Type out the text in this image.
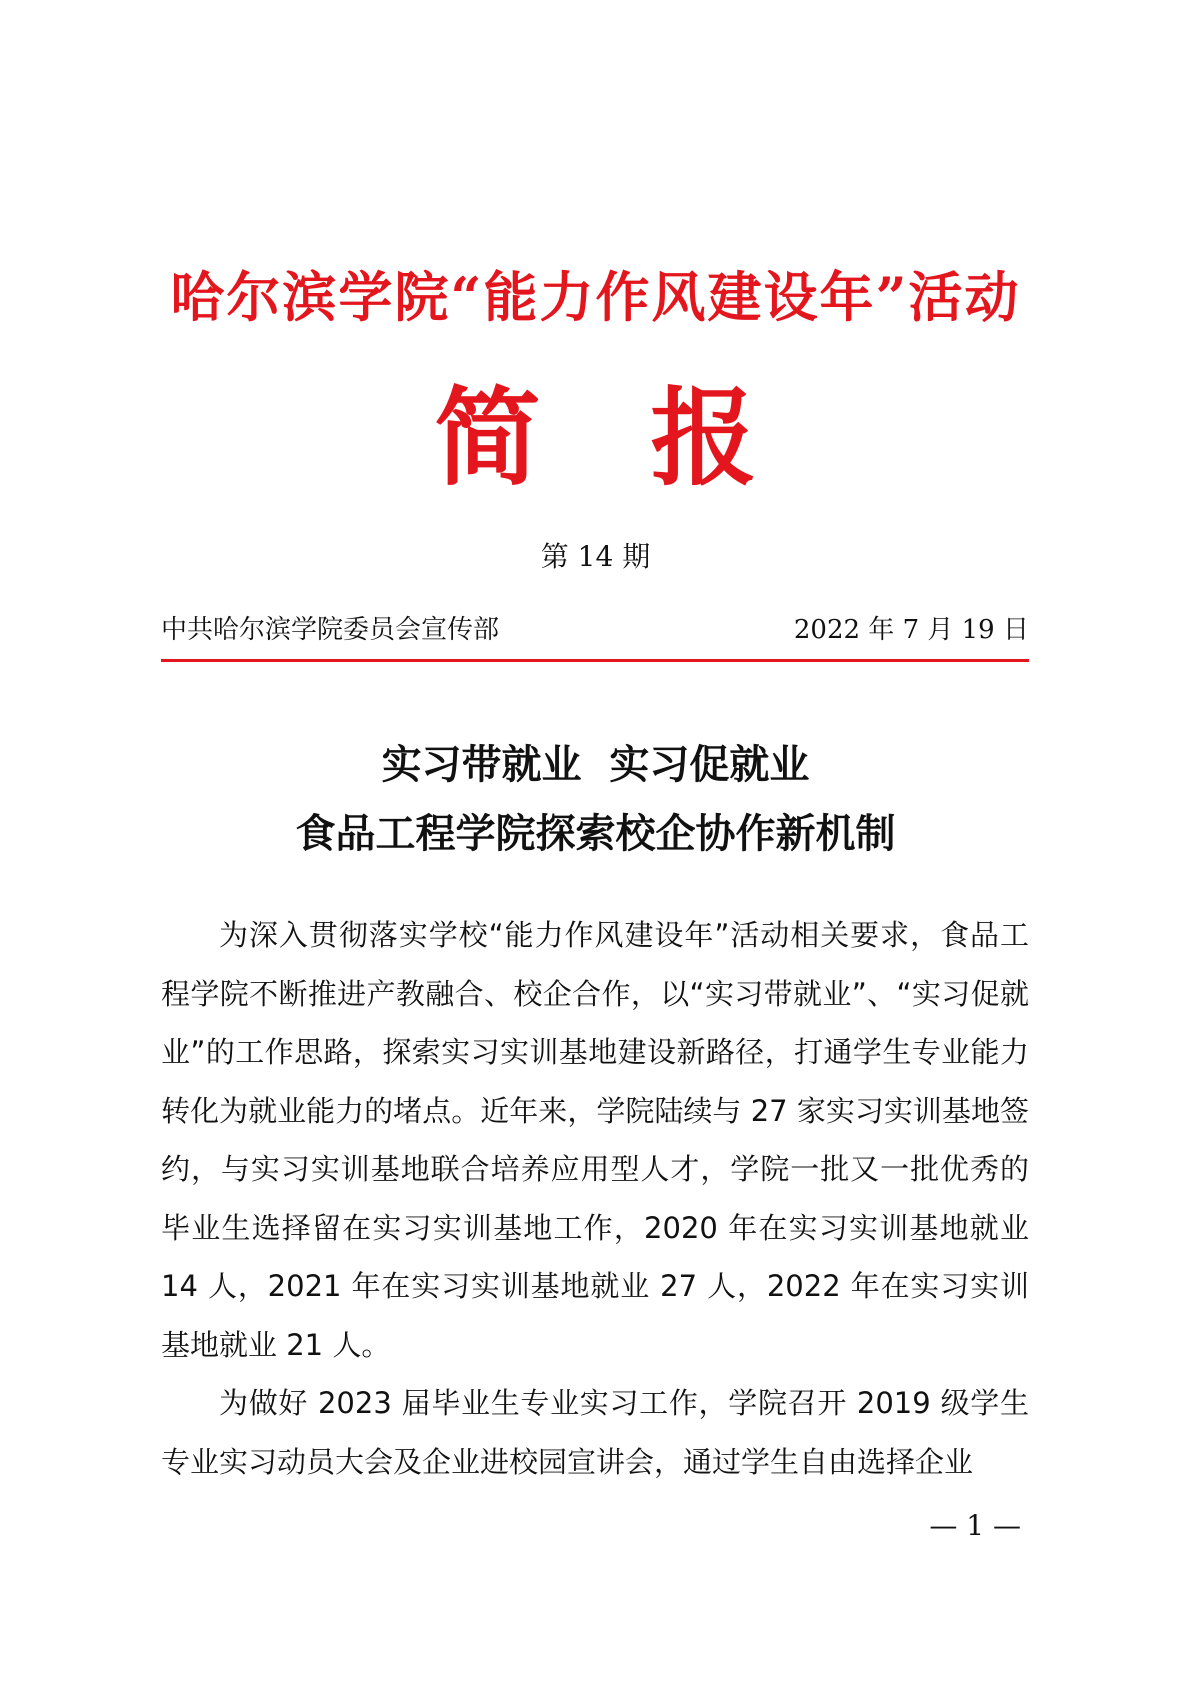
哈尔滨学院“能力作风建设年”活动
简报
第 14 期
中共哈尔滨学院委员会宣传部	2022 年 7 月 19 日
实习带就业  实习促就业
食品工程学院探索校企协作新机制

为深入贯彻落实学校“能力作风建设年”活动相关要求，食品工程学院不断推进产教融合、校企合作，以“实习带就业”、“实习促就业”的工作思路，探索实习实训基地建设新路径，打通学生专业能力转化为就业能力的堵点。近年来，学院陆续与 27 家实习实训基地签约，与实习实训基地联合培养应用型人才，学院一批又一批优秀的毕业生选择留在实习实训基地工作，2020 年在实习实训基地就业 14 人，2021 年在实习实训基地就业 27 人，2022 年在实习实训基地就业 21 人。

为做好 2023 届毕业生专业实习工作，学院召开 2019 级学生专业实习动员大会及企业进校园宣讲会，通过学生自由选择企业

— 1 —
